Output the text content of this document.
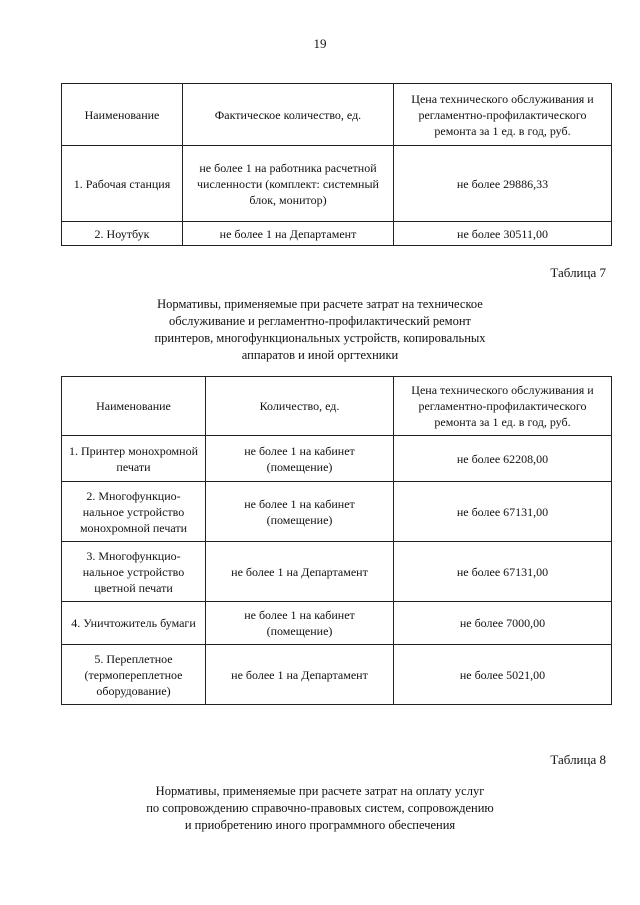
19
Наименование	Фактическое количество, ед.	Цена технического обслуживания и регламентно-профилактического ремонта за 1 ед. в год, руб.
1. Рабочая станция	не более 1 на работника расчетной численности (комплект: системный блок, монитор)	не более 29886,33
2. Ноутбук	не более 1 на Департамент	не более 30511,00
Таблица 7
Нормативы, применяемые при расчете затрат на техническое
обслуживание и регламентно-профилактический ремонт
принтеров, многофункциональных устройств, копировальных
аппаратов и иной оргтехники
Наименование	Количество, ед.	Цена технического обслуживания и регламентно-профилактического ремонта за 1 ед. в год, руб.
1. Принтер монохромной печати	не более 1 на кабинет (помещение)	не более 62208,00
2. Многофункцио-нальное устройство монохромной печати	не более 1 на кабинет (помещение)	не более 67131,00
3. Многофункцио-нальное устройство цветной печати	не более 1 на Департамент	не более 67131,00
4. Уничтожитель бумаги	не более 1 на кабинет (помещение)	не более 7000,00
5. Переплетное (термопереплетное оборудование)	не более 1 на Департамент	не более 5021,00
Таблица 8
Нормативы, применяемые при расчете затрат на оплату услуг
по сопровождению справочно-правовых систем, сопровождению
и приобретению иного программного обеспечения
